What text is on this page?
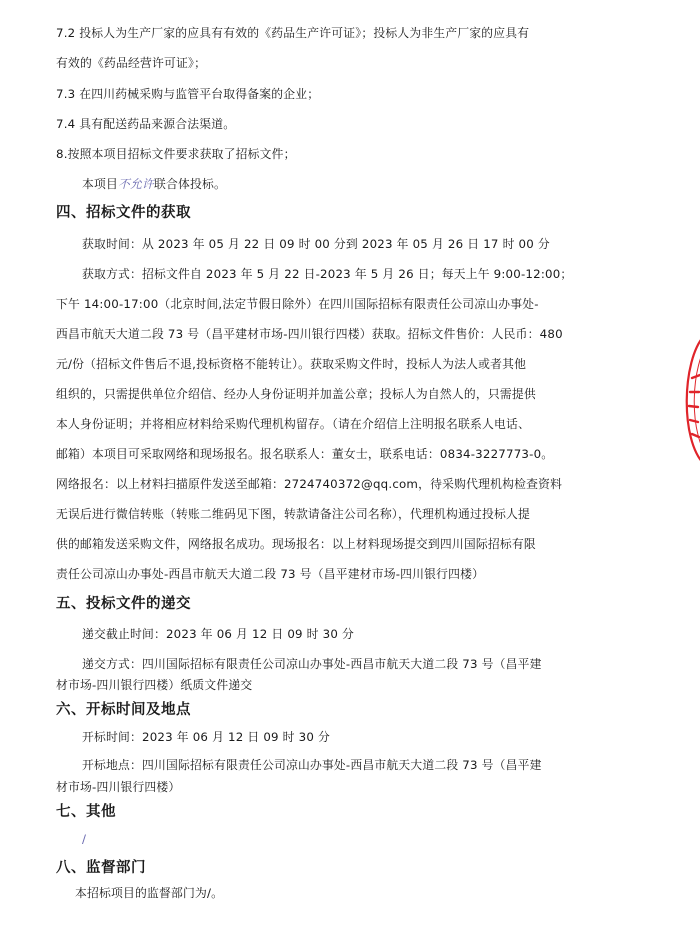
7.2 投标人为生产厂家的应具有有效的《药品生产许可证》；投标人为非生产厂家的应具有
有效的《药品经营许可证》；
7.3 在四川药械采购与监管平台取得备案的企业；
7.4 具有配送药品来源合法渠道。
8.按照本项目招标文件要求获取了招标文件；
本项目不允许联合体投标。
四、招标文件的获取
获取时间：从 2023 年 05 月 22 日 09 时 00 分到 2023 年 05 月 26 日 17 时 00 分
获取方式：招标文件自 2023 年 5 月 22 日-2023 年 5 月 26 日；每天上午 9:00-12:00；
下午 14:00-17:00（北京时间,法定节假日除外）在四川国际招标有限责任公司凉山办事处-
西昌市航天大道二段 73 号（昌平建材市场-四川银行四楼）获取。招标文件售价：人民币：480
元/份（招标文件售后不退,投标资格不能转让）。获取采购文件时，投标人为法人或者其他
组织的，只需提供单位介绍信、经办人身份证明并加盖公章；投标人为自然人的，只需提供
本人身份证明；并将相应材料给采购代理机构留存。（请在介绍信上注明报名联系人电话、
邮箱）本项目可采取网络和现场报名。报名联系人：董女士，联系电话：0834-3227773-0。
网络报名：以上材料扫描原件发送至邮箱：2724740372@qq.com，待采购代理机构检查资料
无误后进行微信转账（转账二维码见下图，转款请备注公司名称），代理机构通过投标人提
供的邮箱发送采购文件，网络报名成功。现场报名：以上材料现场提交到四川国际招标有限
责任公司凉山办事处-西昌市航天大道二段 73 号（昌平建材市场-四川银行四楼）
五、投标文件的递交
递交截止时间：2023 年 06 月 12 日 09 时 30 分
递交方式：四川国际招标有限责任公司凉山办事处-西昌市航天大道二段 73 号（昌平建
材市场-四川银行四楼）纸质文件递交
六、开标时间及地点
开标时间：2023 年 06 月 12 日 09 时 30 分
开标地点：四川国际招标有限责任公司凉山办事处-西昌市航天大道二段 73 号（昌平建
材市场-四川银行四楼）
七、其他
/
八、监督部门
本招标项目的监督部门为/。
